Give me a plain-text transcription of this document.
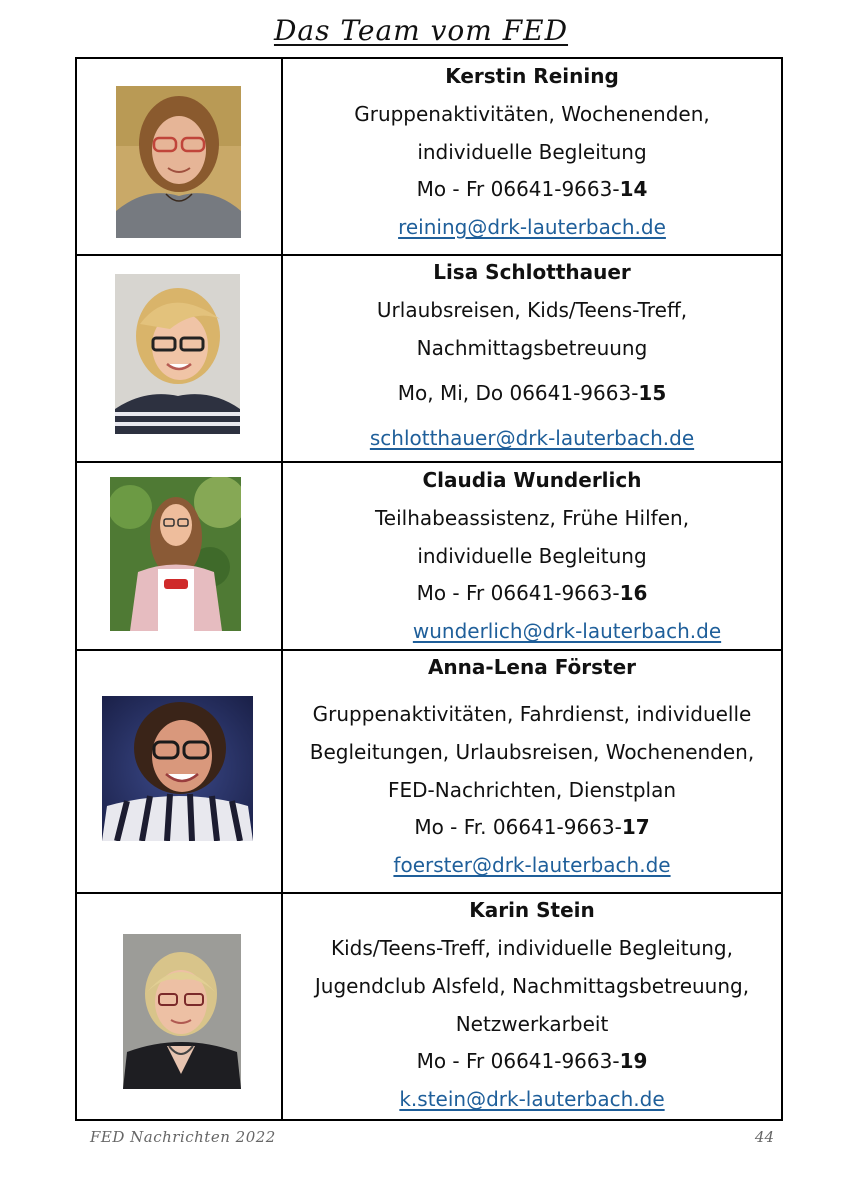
Das Team vom FED
Kerstin Reining
Gruppenaktivitäten, Wochenenden,
individuelle Begleitung
Mo - Fr 06641-9663-14
reining@drk-lauterbach.de
Lisa Schlotthauer
Urlaubsreisen, Kids/Teens-Treff,
Nachmittagsbetreuung
Mo, Mi, Do 06641-9663-15
schlotthauer@drk-lauterbach.de
Claudia Wunderlich
Teilhabeassistenz, Frühe Hilfen,
individuelle Begleitung
Mo - Fr 06641-9663-16
wunderlich@drk-lauterbach.de
Anna-Lena Förster
Gruppenaktivitäten, Fahrdienst, individuelle
Begleitungen, Urlaubsreisen, Wochenenden,
FED-Nachrichten, Dienstplan
Mo - Fr. 06641-9663-17
foerster@drk-lauterbach.de
Karin Stein
Kids/Teens-Treff, individuelle Begleitung,
Jugendclub Alsfeld, Nachmittagsbetreuung,
Netzwerkarbeit
Mo - Fr 06641-9663-19
k.stein@drk-lauterbach.de
FED Nachrichten 2022	44
